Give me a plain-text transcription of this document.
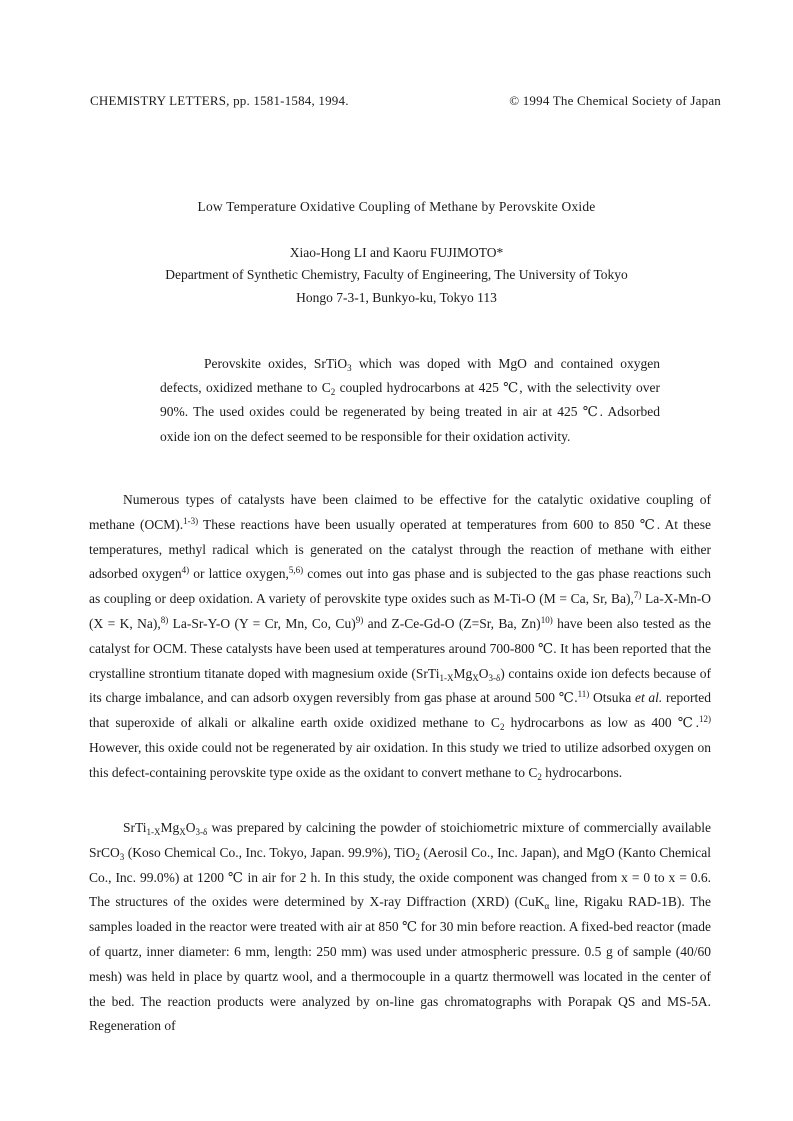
CHEMISTRY LETTERS, pp. 1581-1584, 1994.	© 1994 The Chemical Society of Japan
Low Temperature Oxidative Coupling of Methane by Perovskite Oxide
Xiao-Hong LI and Kaoru FUJIMOTO*
Department of Synthetic Chemistry, Faculty of Engineering, The University of Tokyo
Hongo 7-3-1, Bunkyo-ku, Tokyo 113
Perovskite oxides, SrTiO$_3$ which was doped with MgO and contained oxygen defects, oxidized methane to $C_2$ coupled hydrocarbons at 425 ℃, with the selectivity over 90%. The used oxides could be regenerated by being treated in air at 425 ℃. Adsorbed oxide ion on the defect seemed to be responsible for their oxidation activity.
Numerous types of catalysts have been claimed to be effective for the catalytic oxidative coupling of methane (OCM).$^{1-3)}$ These reactions have been usually operated at temperatures from 600 to 850 ℃. At these temperatures, methyl radical which is generated on the catalyst through the reaction of methane with either adsorbed oxygen$^{4)}$ or lattice oxygen,$^{5,6)}$ comes out into gas phase and is subjected to the gas phase reactions such as coupling or deep oxidation. A variety of perovskite type oxides such as M-Ti-O (M = Ca, Sr, Ba),$^{7)}$ La-X-Mn-O (X = K, Na),$^{8)}$ La-Sr-Y-O (Y = Cr, Mn, Co, Cu)$^{9)}$ and Z-Ce-Gd-O (Z=Sr, Ba, Zn)$^{10)}$ have been also tested as the catalyst for OCM. These catalysts have been used at temperatures around 700-800 ℃. It has been reported that the crystalline strontium titanate doped with magnesium oxide $(SrTi_{1-X}Mg_XO_{3-\delta})$ contains oxide ion defects because of its charge imbalance, and can adsorb oxygen reversibly from gas phase at around 500 ℃.$^{11)}$ Otsuka et al. reported that superoxide of alkali or alkaline earth oxide oxidized methane to $C_2$ hydrocarbons as low as 400 ℃.$^{12)}$ However, this oxide could not be regenerated by air oxidation. In this study we tried to utilize adsorbed oxygen on this defect-containing perovskite type oxide as the oxidant to convert methane to $C_2$ hydrocarbons.
$SrTi_{1-X}Mg_XO_{3-\delta}$ was prepared by calcining the powder of stoichiometric mixture of commercially available SrCO$_3$ (Koso Chemical Co., Inc. Tokyo, Japan. 99.9%), TiO$_2$ (Aerosil Co., Inc. Japan), and MgO (Kanto Chemical Co., Inc. 99.0%) at 1200 ℃ in air for 2 h. In this study, the oxide component was changed from x = 0 to x = 0.6. The structures of the oxides were determined by X-ray Diffraction (XRD) (CuK$_\alpha$ line, Rigaku RAD-1B). The samples loaded in the reactor were treated with air at 850 ℃ for 30 min before reaction. A fixed-bed reactor (made of quartz, inner diameter: 6 mm, length: 250 mm) was used under atmospheric pressure. 0.5 g of sample (40/60 mesh) was held in place by quartz wool, and a thermocouple in a quartz thermowell was located in the center of the bed. The reaction products were analyzed by on-line gas chromatographs with Porapak QS and MS-5A. Regeneration of
